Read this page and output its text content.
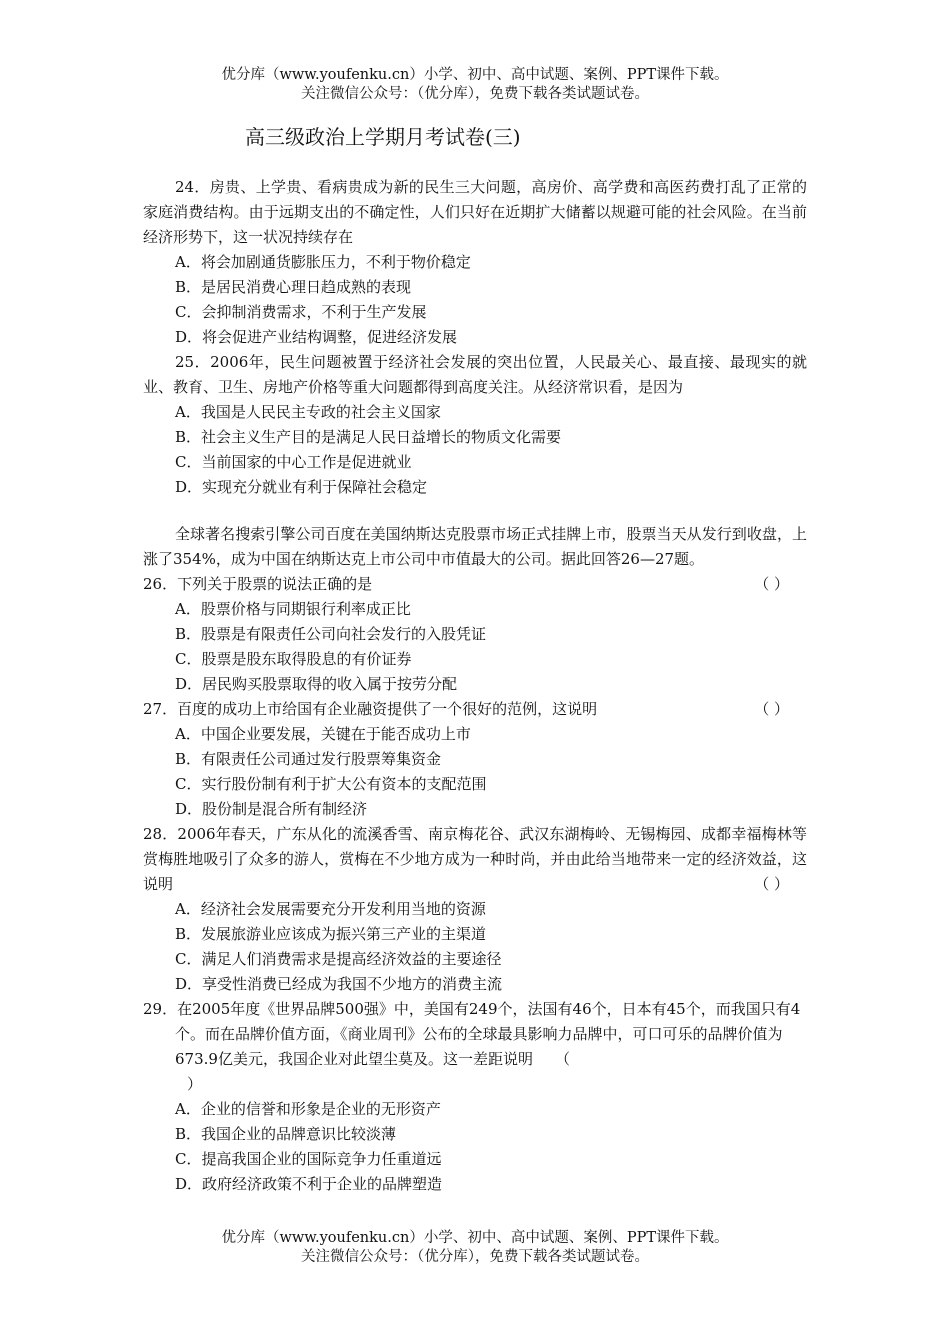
优分库（www.youfenku.cn）小学、初中、高中试题、案例、PPT课件下载。
关注微信公众号：（优分库），免费下载各类试题试卷。
高三级政治上学期月考试卷(三)
24．房贵、上学贵、看病贵成为新的民生三大问题，高房价、高学费和高医药费打乱了正常的家庭消费结构。由于远期支出的不确定性，人们只好在近期扩大储蓄以规避可能的社会风险。在当前经济形势下，这一状况持续存在
A．将会加剧通货膨胀压力，不利于物价稳定
B．是居民消费心理日趋成熟的表现
C．会抑制消费需求，不利于生产发展
D．将会促进产业结构调整，促进经济发展
25．2006年，民生问题被置于经济社会发展的突出位置，人民最关心、最直接、最现实的就业、教育、卫生、房地产价格等重大问题都得到高度关注。从经济常识看，是因为
A．我国是人民民主专政的社会主义国家
B．社会主义生产目的是满足人民日益增长的物质文化需要
C．当前国家的中心工作是促进就业
D．实现充分就业有利于保障社会稳定
全球著名搜索引擎公司百度在美国纳斯达克股票市场正式挂牌上市，股票当天从发行到收盘，上涨了354%，成为中国在纳斯达克上市公司中市值最大的公司。据此回答26—27题。
26．下列关于股票的说法正确的是	（ ）
A．股票价格与同期银行利率成正比
B．股票是有限责任公司向社会发行的入股凭证
C．股票是股东取得股息的有价证券
D．居民购买股票取得的收入属于按劳分配
27．百度的成功上市给国有企业融资提供了一个很好的范例，这说明	（ ）
A．中国企业要发展，关键在于能否成功上市
B．有限责任公司通过发行股票筹集资金
C．实行股份制有利于扩大公有资本的支配范围
D．股份制是混合所有制经济
28．2006年春天，广东从化的流溪香雪、南京梅花谷、武汉东湖梅岭、无锡梅园、成都幸福梅林等赏梅胜地吸引了众多的游人，赏梅在不少地方成为一种时尚，并由此给当地带来一定的经济效益，这说明	（ ）
A．经济社会发展需要充分开发利用当地的资源
B．发展旅游业应该成为振兴第三产业的主渠道
C．满足人们消费需求是提高经济效益的主要途径
D．享受性消费已经成为我国不少地方的消费主流
29．在2005年度《世界品牌500强》中，美国有249个，法国有46个，日本有45个，而我国只有4个。而在品牌价值方面，《商业周刊》公布的全球最具影响力品牌中，可口可乐的品牌价值为673.9亿美元，我国企业对此望尘莫及。这一差距说明 （
）
A．企业的信誉和形象是企业的无形资产
B．我国企业的品牌意识比较淡薄
C．提高我国企业的国际竞争力任重道远
D．政府经济政策不利于企业的品牌塑造
优分库（www.youfenku.cn）小学、初中、高中试题、案例、PPT课件下载。
关注微信公众号：（优分库），免费下载各类试题试卷。
